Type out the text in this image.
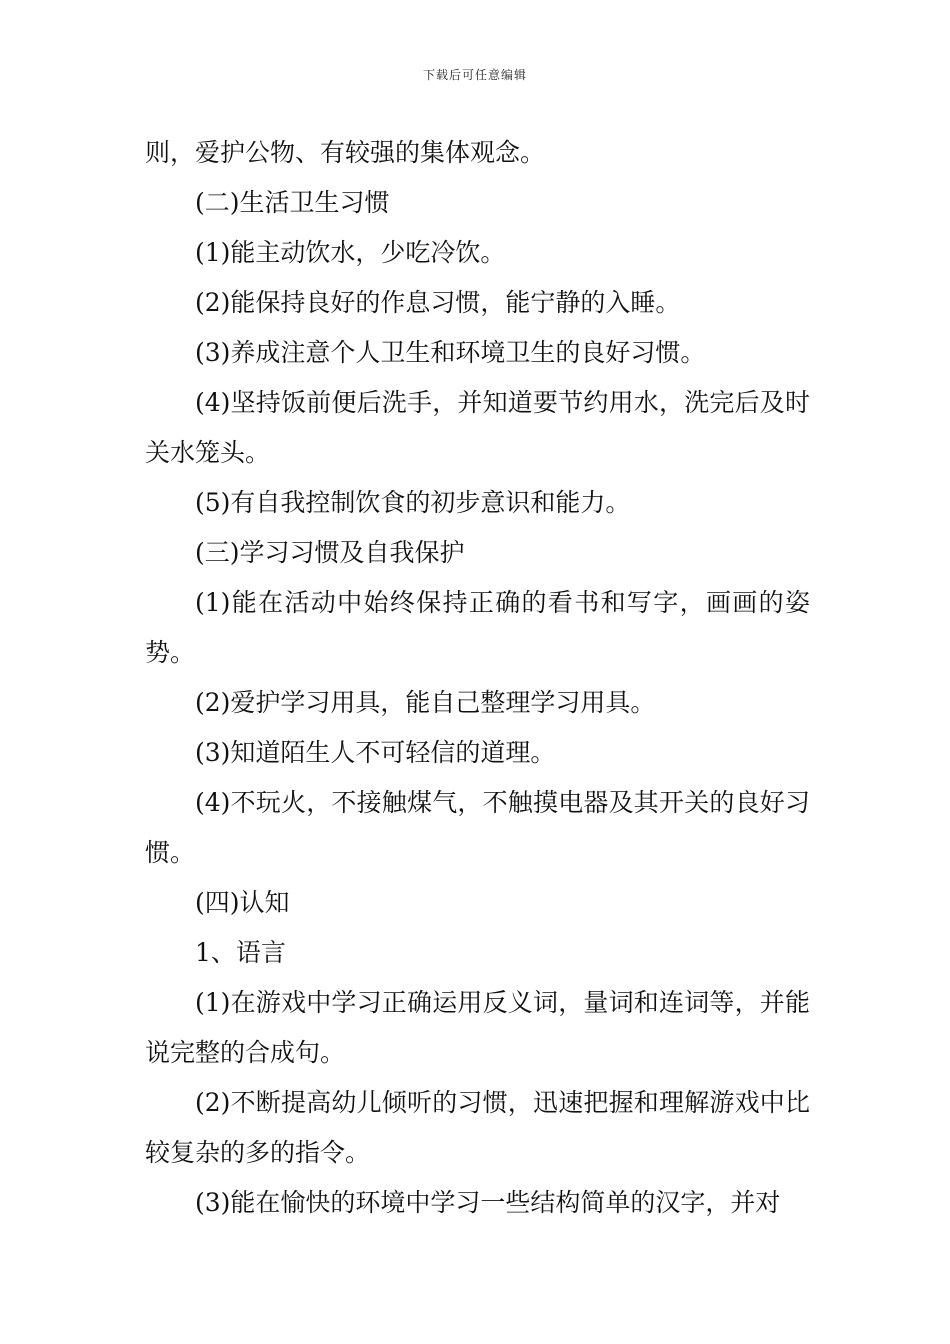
下载后可任意编辑

则，爱护公物、有较强的集体观念。

(二)生活卫生习惯

(1)能主动饮水，少吃冷饮。

(2)能保持良好的作息习惯，能宁静的入睡。

(3)养成注意个人卫生和环境卫生的良好习惯。

(4)坚持饭前便后洗手，并知道要节约用水，洗完后及时关水笼头。

(5)有自我控制饮食的初步意识和能力。

(三)学习习惯及自我保护

(1)能在活动中始终保持正确的看书和写字，画画的姿势。

(2)爱护学习用具，能自己整理学习用具。

(3)知道陌生人不可轻信的道理。

(4)不玩火，不接触煤气，不触摸电器及其开关的良好习惯。

(四)认知

1、语言

(1)在游戏中学习正确运用反义词，量词和连词等，并能说完整的合成句。

(2)不断提高幼儿倾听的习惯，迅速把握和理解游戏中比较复杂的多的指令。

(3)能在愉快的环境中学习一些结构简单的汉字，并对
